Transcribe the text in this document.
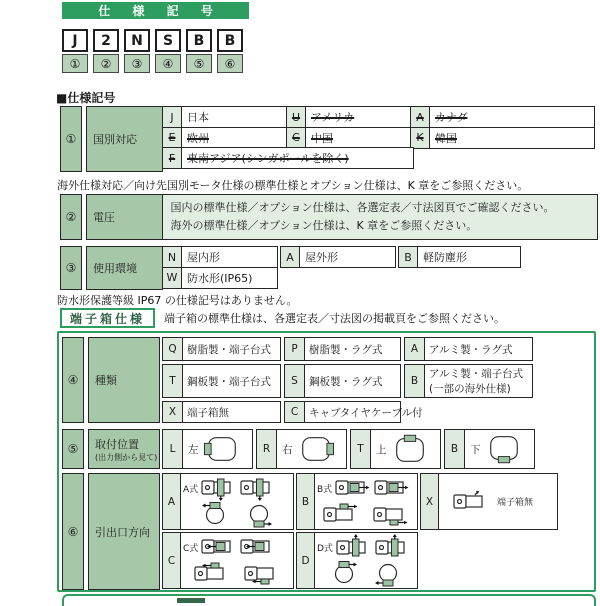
仕 様 記 号
J	2	N	S	B	B
①	②	③	④	⑤	⑥
■仕様記号
①	国別対応
J	日本	U アメリカ	A	カナダ
E	欧州	C	中国	K	韓国
F	東南アジア(シンガポールを除く)
海外仕様対応／向け先国別モータ仕様の標準仕様とオプション仕様は、K 章をご参照ください。
②	電圧
国内の標準仕様／オプション仕様は、各選定表／寸法図頁でご確認ください。
海外の標準仕様／オプション仕様は、K 章をご参照ください。
③	使用環境
N 屋内形	A	屋外形	B	軽防塵形
W 防水形(IP65)
防水形保護等級 IP67 の仕様記号はありません。
端子箱仕様	端子箱の標準仕様は、各選定表／寸法図の掲載頁をご参照ください。
④	種類
Q 樹脂製・端子台式	P	樹脂製・ラグ式	A	アルミ製・ラグ式
T	鋼板製・端子台式	S	鋼板製・ラグ式	B
アルミ製・端子台式
(一部の海外仕様)
X	端子箱無	C	キャブタイヤケーブル付
⑤	取付位置
(出力側から見て)
L	左	R	右	T	上	B	下
⑥	引出口方向
A
A式
B
B式
X	端子箱無
C
C式
D
D式
